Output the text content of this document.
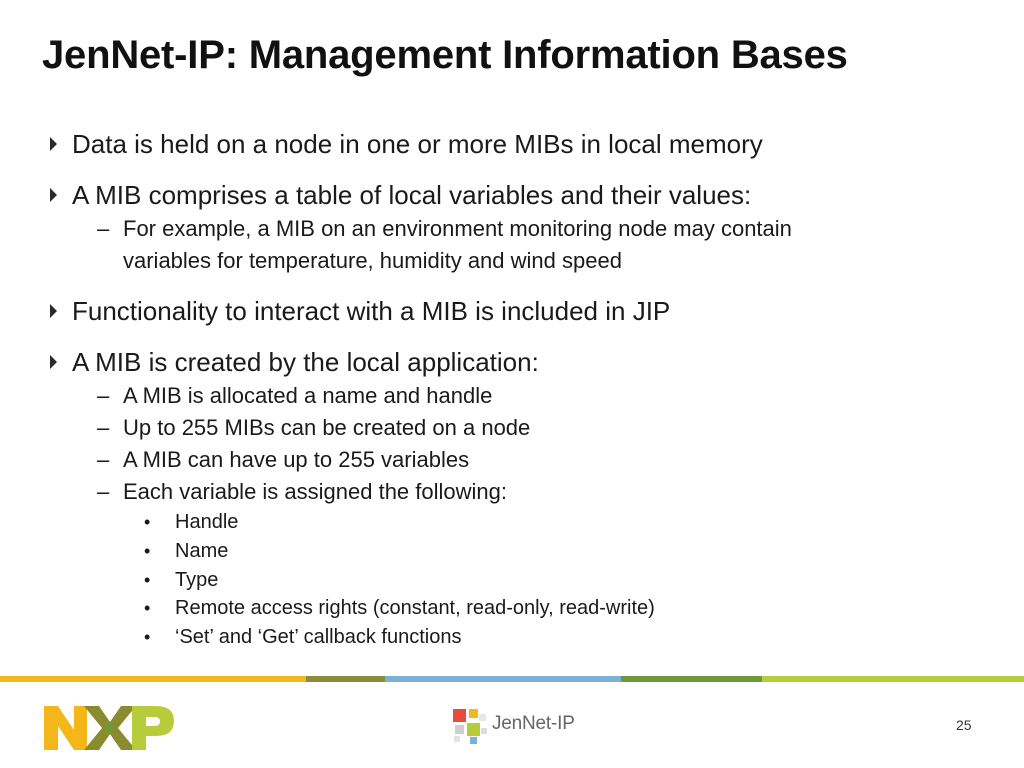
JenNet-IP: Management Information Bases
Data is held on a node in one or more MIBs in local memory
A MIB comprises a table of local variables and their values:
– For example, a MIB on an environment monitoring node may contain
variables for temperature, humidity and wind speed
Functionality to interact with a MIB is included in JIP
A MIB is created by the local application:
– A MIB is allocated a name and handle
– Up to 255 MIBs can be created on a node
– A MIB can have up to 255 variables
– Each variable is assigned the following:
• Handle
• Name
• Type
• Remote access rights (constant, read-only, read-write)
• ‘Set’ and ‘Get’ callback functions
NXP
JenNet-IP	25
